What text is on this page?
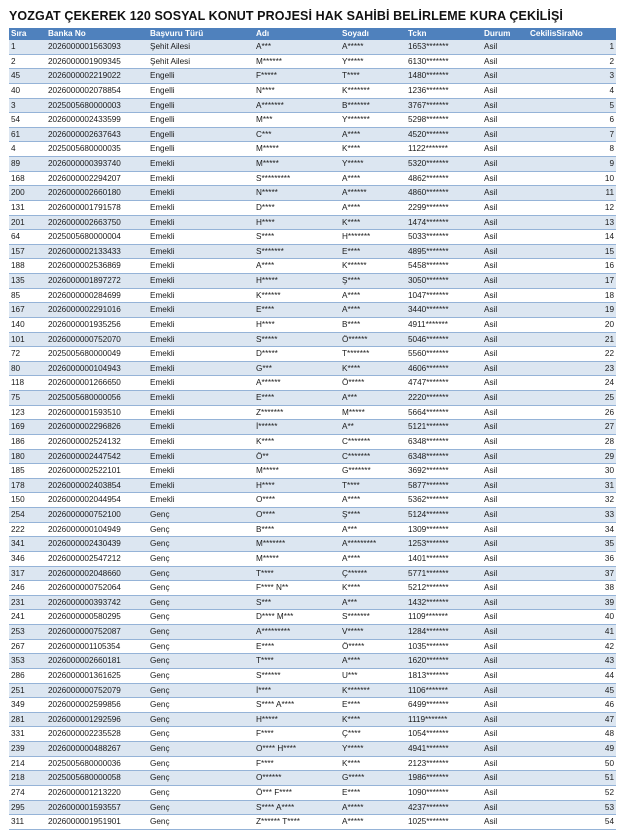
YOZGAT ÇEKEREK 120 SOSYAL KONUT PROJESİ HAK SAHİBİ BELİRLEME KURA ÇEKİLİŞİ
Sıra	Banka No	Başvuru Türü	Adı	Soyadı	Tckn	Durum	CekilisSiraNo
1	2026000001563093	Şehit Ailesi	A***	A*****	1653*******	Asil	1
2	2026000001909345	Şehit Ailesi	M******	Y*****	6130*******	Asil	2
45	2026000002219022	Engelli	F*****	T****	1480*******	Asil	3
40	2026000002078854	Engelli	N****	K*******	1236*******	Asil	4
3	2025005680000003	Engelli	A*******	B*******	3767*******	Asil	5
54	2026000002433599	Engelli	M***	Y*******	5298*******	Asil	6
61	2026000002637643	Engelli	C***	A****	4520*******	Asil	7
4	2025005680000035	Engelli	M*****	K****	1122*******	Asil	8
89	2026000000393740	Emekli	M*****	Y*****	5320*******	Asil	9
168	2026000002294207	Emekli	S*********	A****	4862*******	Asil	10
200	2026000002660180	Emekli	N*****	A******	4860*******	Asil	11
131	2026000001791578	Emekli	D****	A****	2299*******	Asil	12
201	2026000002663750	Emekli	H****	K****	1474*******	Asil	13
64	2025005680000004	Emekli	S****	H*******	5033*******	Asil	14
157	2026000002133433	Emekli	S*******	E****	4895*******	Asil	15
188	2026000002536869	Emekli	A****	K******	5458*******	Asil	16
135	2026000001897272	Emekli	H*****	Ş****	3050*******	Asil	17
85	2026000000284699	Emekli	K******	A****	1047*******	Asil	18
167	2026000002291016	Emekli	E****	A****	3440*******	Asil	19
140	2026000001935256	Emekli	H****	B****	4911*******	Asil	20
101	2026000000752070	Emekli	S*****	Ö******	5046*******	Asil	21
72	2025005680000049	Emekli	D*****	T*******	5560*******	Asil	22
80	2026000000104943	Emekli	G***	K****	4606*******	Asil	23
118	2026000001266650	Emekli	A******	Ö*****	4747*******	Asil	24
75	2025005680000056	Emekli	E****	A***	2220*******	Asil	25
123	2026000001593510	Emekli	Z*******	M*****	5664*******	Asil	26
169	2026000002296826	Emekli	İ******	A**	5121*******	Asil	27
186	2026000002524132	Emekli	K****	C*******	6348*******	Asil	28
180	2026000002447542	Emekli	Ö**	C*******	6348*******	Asil	29
185	2026000002522101	Emekli	M*****	G*******	3692*******	Asil	30
178	2026000002403854	Emekli	H****	T****	5877*******	Asil	31
150	2026000002044954	Emekli	O****	A****	5362*******	Asil	32
254	2026000000752100	Genç	O****	Ş****	5124*******	Asil	33
222	2026000000104949	Genç	B****	A***	1309*******	Asil	34
341	2026000002430439	Genç	M*******	A*********	1253*******	Asil	35
346	2026000002547212	Genç	M*****	A****	1401*******	Asil	36
317	2026000002048660	Genç	T****	Ç******	5771*******	Asil	37
246	2026000000752064	Genç	F**** N**	K****	5212*******	Asil	38
231	2026000000393742	Genç	S***	A***	1432*******	Asil	39
241	2026000000580295	Genç	D**** M***	S*******	1109*******	Asil	40
253	2026000000752087	Genç	A*********	V*****	1284*******	Asil	41
267	2026000001105354	Genç	E****	Ö*****	1035*******	Asil	42
353	2026000002660181	Genç	T****	A****	1620*******	Asil	43
286	2026000001361625	Genç	S******	U***	1813*******	Asil	44
251	2026000000752079	Genç	İ****	K*******	1106*******	Asil	45
349	2026000002599856	Genç	S**** A****	E****	6499*******	Asil	46
281	2026000001292596	Genç	H*****	K****	1119*******	Asil	47
331	2026000002235528	Genç	F****	Ç****	1054*******	Asil	48
239	2026000000488267	Genç	O**** H****	Y*****	4941*******	Asil	49
214	2025005680000036	Genç	F****	K****	2123*******	Asil	50
218	2025005680000058	Genç	O******	G*****	1986*******	Asil	51
274	2026000001213220	Genç	Ö*** F****	E****	1090*******	Asil	52
295	2026000001593557	Genç	S**** A****	A*****	4237*******	Asil	53
311	2026000001951901	Genç	Z****** T****	A*****	1025*******	Asil	54
